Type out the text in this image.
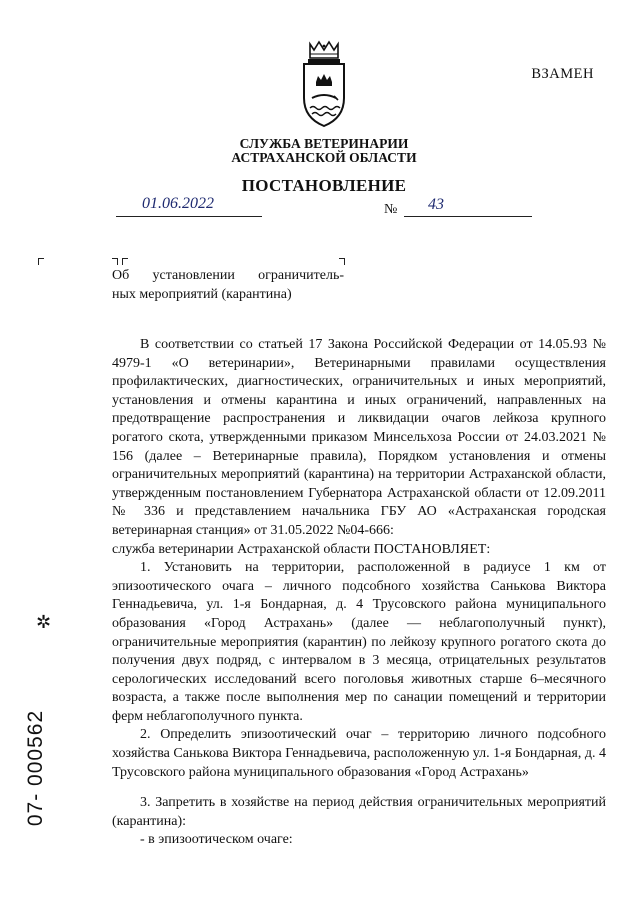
ВЗАМЕН
СЛУЖБА ВЕТЕРИНАРИИ
АСТРАХАНСКОЙ ОБЛАСТИ
ПОСТАНОВЛЕНИЕ
01.06.2022	№ 43
Об установлении ограничитель-
ных мероприятий (карантина)

В соответствии со статьей 17 Закона Российской Федерации от 14.05.93 № 4979-1 «О ветеринарии», Ветеринарными правилами осуществления профилактических, диагностических, ограничительных и иных мероприятий, установления и отмены карантина и иных ограничений, направленных на предотвращение распространения и ликвидации очагов лейкоза крупного рогатого скота, утвержденными приказом Минсельхоза России от 24.03.2021 № 156 (далее – Ветеринарные правила), Порядком установления и отмены ограничительных мероприятий (карантина) на территории Астраханской области, утвержденным постановлением Губернатора Астраханской области от 12.09.2011 № 336 и представлением начальника ГБУ АО «Астраханская городская ветеринарная станция» от 31.05.2022 №04-666:

служба ветеринарии Астраханской области ПОСТАНОВЛЯЕТ:

1. Установить на территории, расположенной в радиусе 1 км от эпизоотического очага – личного подсобного хозяйства Санькова Виктора Геннадьевича, ул. 1-я Бондарная, д. 4 Трусовского района муниципального образования «Город Астрахань» (далее — неблагополучный пункт), ограничительные мероприятия (карантин) по лейкозу крупного рогатого скота до получения двух подряд, с интервалом в 3 месяца, отрицательных результатов серологических исследований всего поголовья животных старше 6–месячного возраста, а также после выполнения мер по санации помещений и территории ферм неблагополучного пункта.

2. Определить эпизоотический очаг – территорию личного подсобного хозяйства Санькова Виктора Геннадьевича, расположенную ул. 1-я Бондарная, д. 4 Трусовского района муниципального образования «Город Астрахань»

3. Запретить в хозяйстве на период действия ограничительных мероприятий (карантина):

- в эпизоотическом очаге:

✲
07- 000562
